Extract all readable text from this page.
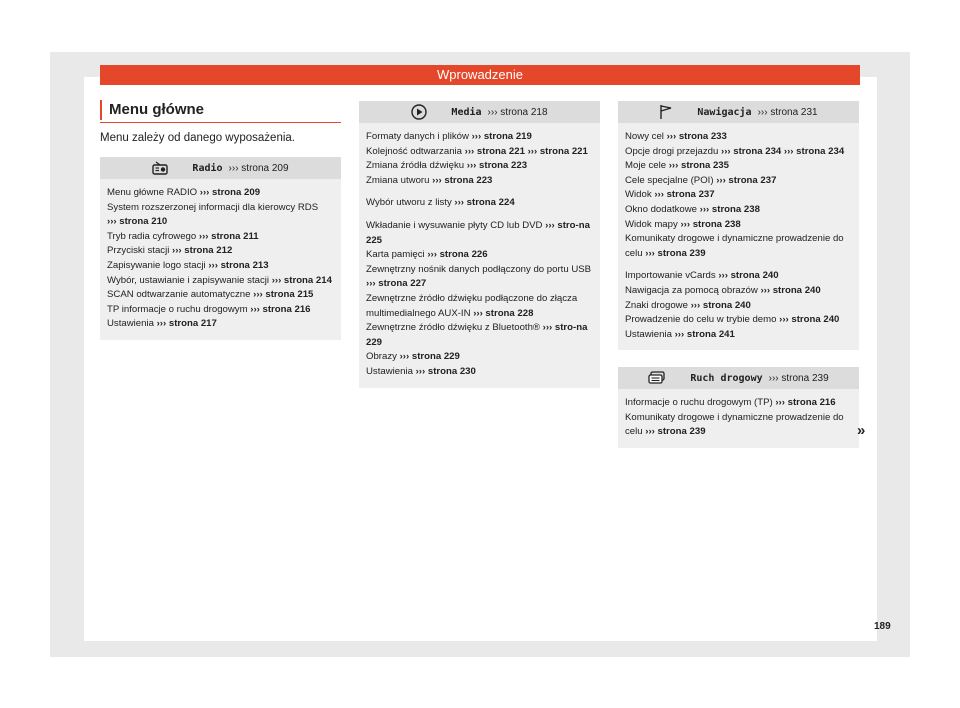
Wprowadzenie
Menu główne
Menu zależy od danego wyposażenia.
Radio ››› strona 209

Menu główne RADIO ››› strona 209

System rozszerzonej informacji dla kierowcy RDS
››› strona 210

Tryb radia cyfrowego ››› strona 211

Przyciski stacji ››› strona 212

Zapisywanie logo stacji ››› strona 213

Wybór, ustawianie i zapisywanie stacji ››› strona 214

SCAN odtwarzanie automatyczne ››› strona 215

TP informacje o ruchu drogowym ››› strona 216

Ustawienia ››› strona 217

Media ››› strona 218

Formaty danych i plików ››› strona 219

Kolejność odtwarzania ››› strona 221 ››› strona 221

Zmiana źródła dźwięku ››› strona 223

Zmiana utworu ››› strona 223

Wybór utworu z listy ››› strona 224

Wkładanie i wysuwanie płyty CD lub DVD ››› stro-na 225

Karta pamięci ››› strona 226

Zewnętrzny nośnik danych podłączony do portu USB
››› strona 227

Zewnętrzne źródło dźwięku podłączone do złącza multimedialnego AUX-IN ››› strona 228

Zewnętrzne źródło dźwięku z Bluetooth® ››› stro-na 229

Obrazy ››› strona 229

Ustawienia ››› strona 230

Nawigacja ››› strona 231

Nowy cel ››› strona 233

Opcje drogi przejazdu ››› strona 234 ››› strona 234

Moje cele ››› strona 235

Cele specjalne (POI) ››› strona 237

Widok ››› strona 237

Okno dodatkowe ››› strona 238

Widok mapy ››› strona 238

Komunikaty drogowe i dynamiczne prowadzenie do celu ››› strona 239

Importowanie vCards ››› strona 240

Nawigacja za pomocą obrazów ››› strona 240

Znaki drogowe ››› strona 240

Prowadzenie do celu w trybie demo ››› strona 240

Ustawienia ››› strona 241

Ruch drogowy ››› strona 239

Informacje o ruchu drogowym (TP) ››› strona 216

Komunikaty drogowe i dynamiczne prowadzenie do celu ››› strona 239	»
189
